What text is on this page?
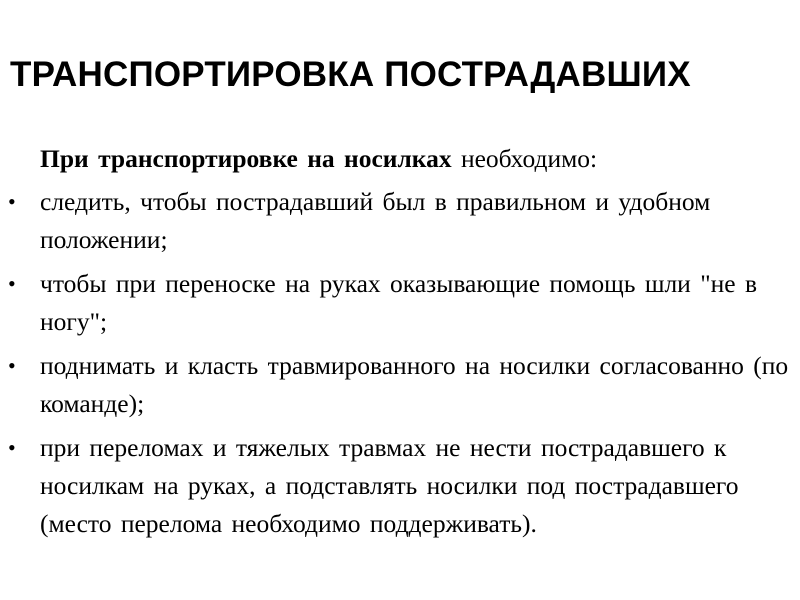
ТРАНСПОРТИРОВКА ПОСТРАДАВШИХ

При транспортировке на носилках необходимо:

• следить, чтобы пострадавший был в правильном и удобном положении;
• чтобы при переноске на руках оказывающие помощь шли "не в ногу";
• поднимать и класть травмированного на носилки согласованно (по команде);
• при переломах и тяжелых травмах не нести пострадавшего к носилкам на руках, а подставлять носилки под пострадавшего (место перелома необходимо поддерживать).
